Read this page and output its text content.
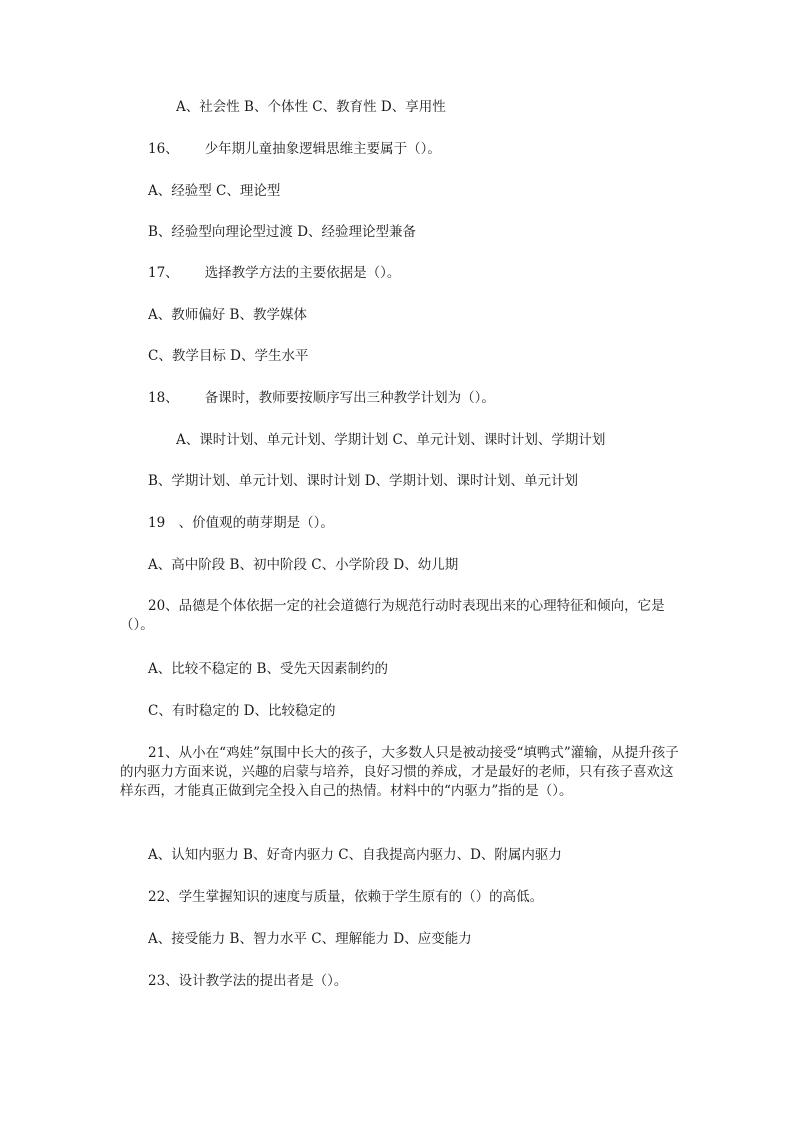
A、社会性 B、个体性 C、教育性 D、享用性
16、 少年期儿童抽象逻辑思维主要属于（）。
A、经验型 C、理论型
B、经验型向理论型过渡 D、经验理论型兼备
17、 选择教学方法的主要依据是（）。
A、教师偏好 B、教学媒体
C、教学目标 D、学生水平
18、 备课时，教师要按顺序写出三种教学计划为（）。
A、课时计划、单元计划、学期计划 C、单元计划、课时计划、学期计划
B、学期计划、单元计划、课时计划 D、学期计划、课时计划、单元计划
19　、价值观的萌芽期是（）。
A、高中阶段 B、初中阶段 C、小学阶段 D、幼儿期
20、品德是个体依据一定的社会道德行为规范行动时表现出来的心理特征和倾向，它是（）。
A、比较不稳定的 B、受先天因素制约的
C、有时稳定的 D、比较稳定的
21、从小在“鸡娃”氛围中长大的孩子，大多数人只是被动接受“填鸭式”灌输，从提升孩子的内驱力方面来说，兴趣的启蒙与培养，良好习惯的养成，才是最好的老师，只有孩子喜欢这样东西，才能真正做到完全投入自己的热情。材料中的“内驱力”指的是（）。
A、认知内驱力 B、好奇内驱力 C、自我提高内驱力、D、附属内驱力
22、学生掌握知识的速度与质量，依赖于学生原有的（）的高低。
A、接受能力 B、智力水平 C、理解能力 D、应变能力
23、设计教学法的提出者是（）。
